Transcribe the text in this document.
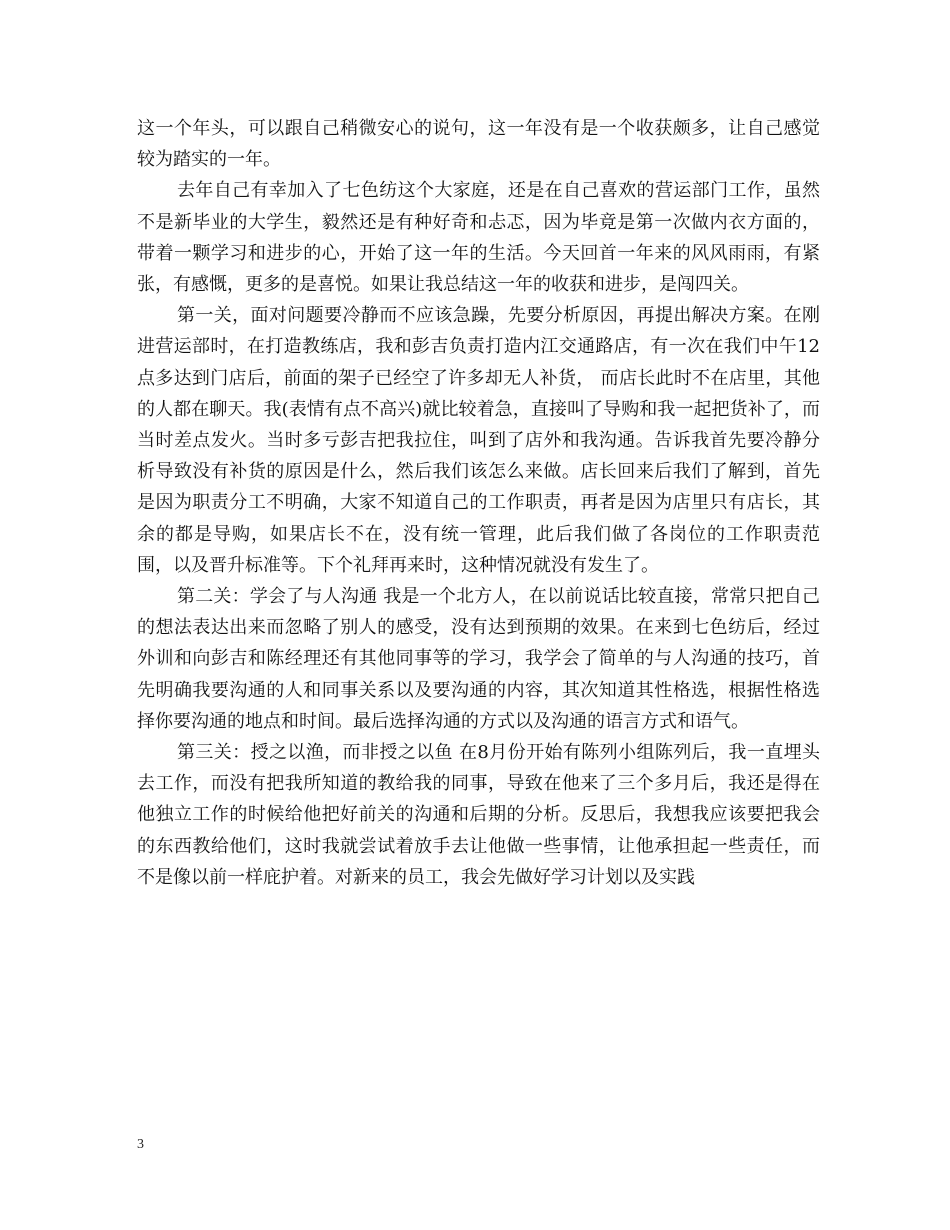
这一个年头，可以跟自己稍微安心的说句，这一年没有是一个收获颇多，让自己感觉较为踏实的一年。

去年自己有幸加入了七色纺这个大家庭，还是在自己喜欢的营运部门工作，虽然不是新毕业的大学生，毅然还是有种好奇和忐忑，因为毕竟是第一次做内衣方面的，带着一颗学习和进步的心，开始了这一年的生活。今天回首一年来的风风雨雨，有紧张，有感慨，更多的是喜悦。如果让我总结这一年的收获和进步，是闯四关。

第一关，面对问题要冷静而不应该急躁，先要分析原因，再提出解决方案。在刚进营运部时，在打造教练店，我和彭吉负责打造内江交通路店，有一次在我们中午12点多达到门店后，前面的架子已经空了许多却无人补货， 而店长此时不在店里，其他的人都在聊天。我(表情有点不高兴)就比较着急，直接叫了导购和我一起把货补了，而当时差点发火。当时多亏彭吉把我拉住，叫到了店外和我沟通。告诉我首先要冷静分析导致没有补货的原因是什么，然后我们该怎么来做。店长回来后我们了解到，首先是因为职责分工不明确，大家不知道自己的工作职责，再者是因为店里只有店长，其余的都是导购，如果店长不在，没有统一管理，此后我们做了各岗位的工作职责范围，以及晋升标准等。下个礼拜再来时，这种情况就没有发生了。

第二关：学会了与人沟通 我是一个北方人，在以前说话比较直接，常常只把自己的想法表达出来而忽略了别人的感受，没有达到预期的效果。在来到七色纺后，经过外训和向彭吉和陈经理还有其他同事等的学习，我学会了简单的与人沟通的技巧，首先明确我要沟通的人和同事关系以及要沟通的内容，其次知道其性格选，根据性格选择你要沟通的地点和时间。最后选择沟通的方式以及沟通的语言方式和语气。

第三关：授之以渔，而非授之以鱼 在8月份开始有陈列小组陈列后，我一直埋头去工作，而没有把我所知道的教给我的同事，导致在他来了三个多月后，我还是得在他独立工作的时候给他把好前关的沟通和后期的分析。反思后，我想我应该要把我会的东西教给他们，这时我就尝试着放手去让他做一些事情，让他承担起一些责任，而不是像以前一样庇护着。对新来的员工，我会先做好学习计划以及实践

3
